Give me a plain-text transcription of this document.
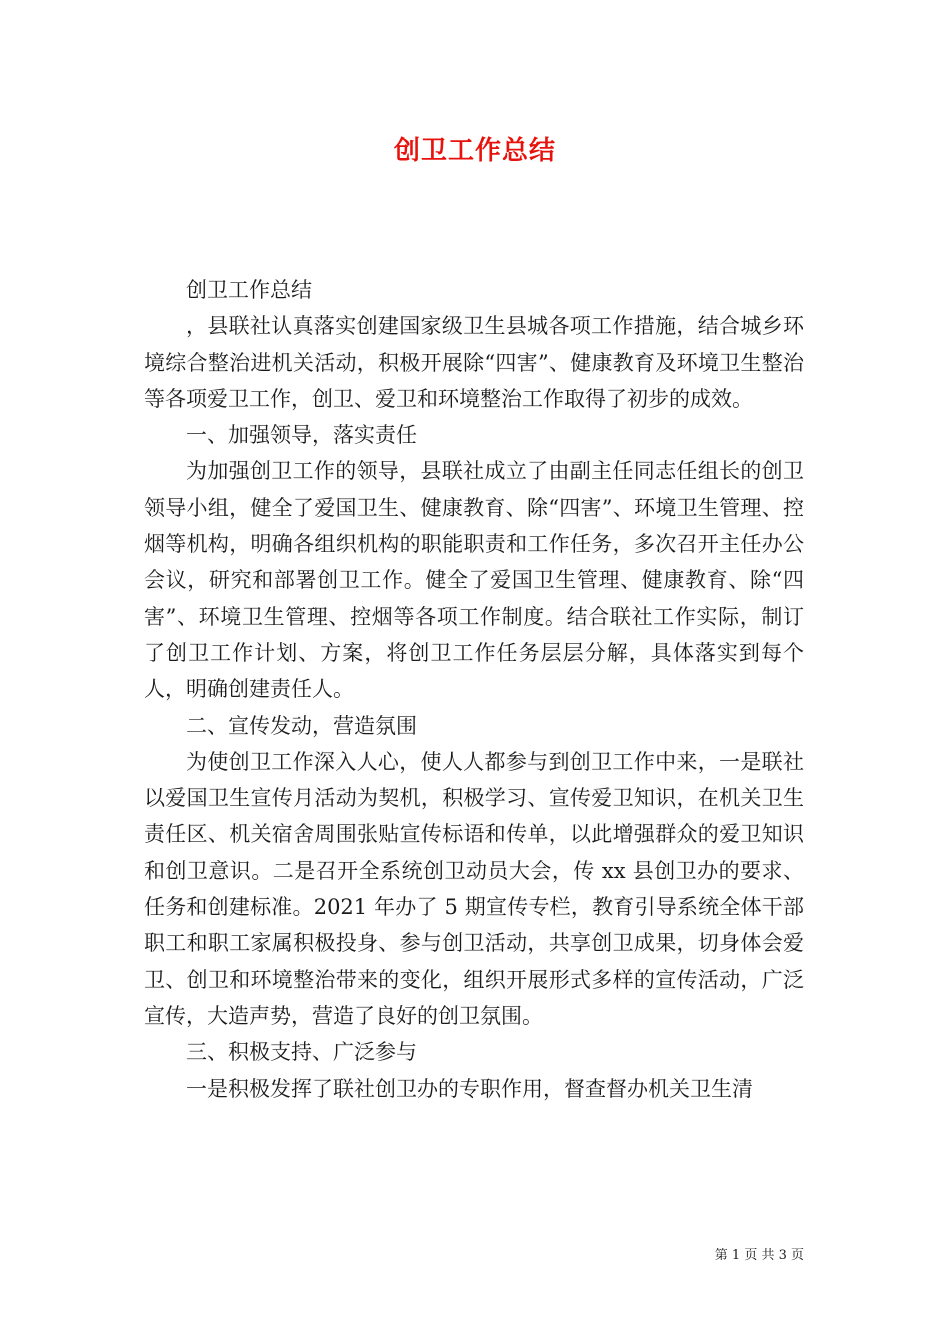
创卫工作总结

创卫工作总结

，县联社认真落实创建国家级卫生县城各项工作措施，结合城乡环境综合整治进机关活动，积极开展除“四害”、健康教育及环境卫生整治等各项爱卫工作，创卫、爱卫和环境整治工作取得了初步的成效。

一、加强领导，落实责任

为加强创卫工作的领导，县联社成立了由副主任同志任组长的创卫领导小组，健全了爱国卫生、健康教育、除“四害”、环境卫生管理、控烟等机构，明确各组织机构的职能职责和工作任务，多次召开主任办公会议，研究和部署创卫工作。健全了爱国卫生管理、健康教育、除“四害”、环境卫生管理、控烟等各项工作制度。结合联社工作实际，制订了创卫工作计划、方案，将创卫工作任务层层分解，具体落实到每个人，明确创建责任人。

二、宣传发动，营造氛围

为使创卫工作深入人心，使人人都参与到创卫工作中来，一是联社以爱国卫生宣传月活动为契机，积极学习、宣传爱卫知识，在机关卫生责任区、机关宿舍周围张贴宣传标语和传单，以此增强群众的爱卫知识和创卫意识。二是召开全系统创卫动员大会，传 xx 县创卫办的要求、任务和创建标准。2021 年办了 5 期宣传专栏，教育引导系统全体干部职工和职工家属积极投身、参与创卫活动，共享创卫成果，切身体会爱卫、创卫和环境整治带来的变化，组织开展形式多样的宣传活动，广泛宣传，大造声势，营造了良好的创卫氛围。

三、积极支持、广泛参与

一是积极发挥了联社创卫办的专职作用，督查督办机关卫生清

第 1 页 共 3 页
